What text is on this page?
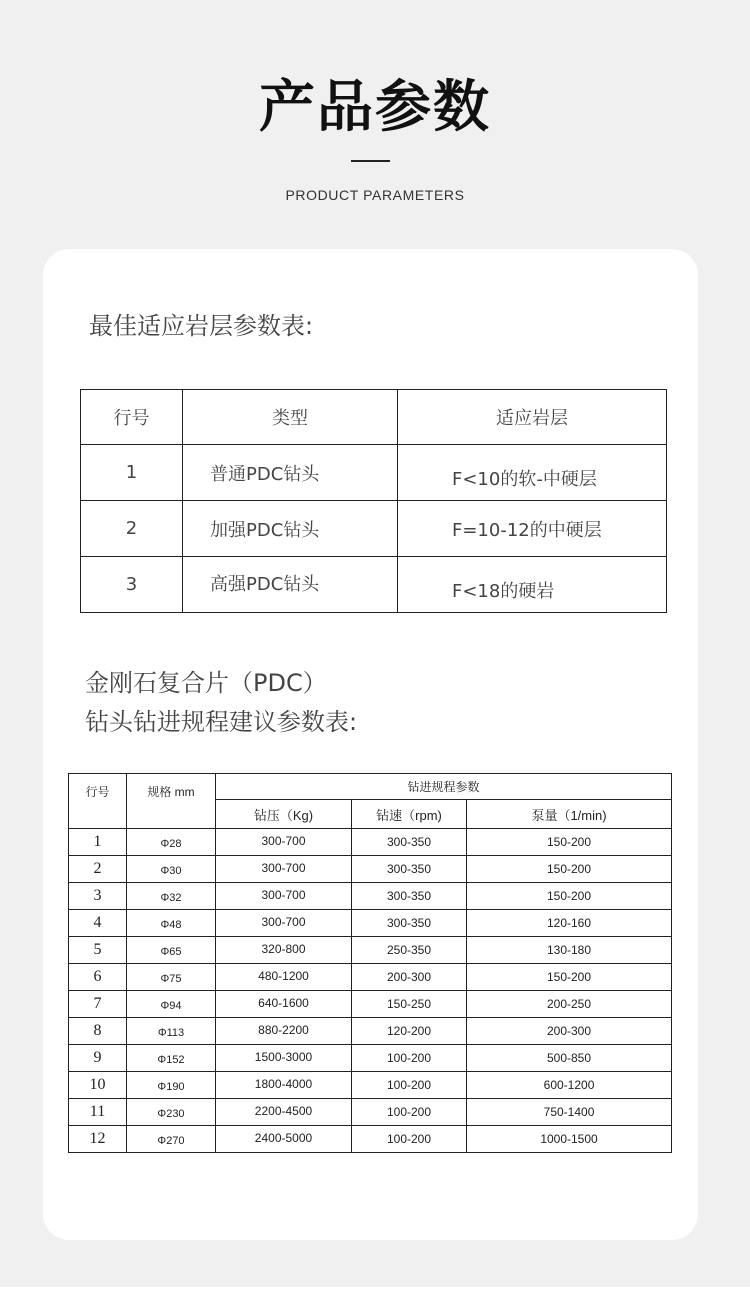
产品参数
PRODUCT PARAMETERS
最佳适应岩层参数表:
行号	类型	适应岩层
1	普通PDC钻头	F<10的软-中硬层
2	加强PDC钻头	F=10-12的中硬层
3	高强PDC钻头	F<18的硬岩
金刚石复合片（PDC）
钻头钻进规程建议参数表:
行号	规格 mm	钻进规程参数		
		钻压（Kg)	钻速（rpm)	泵量（1/min)
1	Φ28	300-700	300-350	150-200
2	Φ30	300-700	300-350	150-200
3	Φ32	300-700	300-350	150-200
4	Φ48	300-700	300-350	120-160
5	Φ65	320-800	250-350	130-180
6	Φ75	480-1200	200-300	150-200
7	Φ94	640-1600	150-250	200-250
8	Φ113	880-2200	120-200	200-300
9	Φ152	1500-3000	100-200	500-850
10	Φ190	1800-4000	100-200	600-1200
11	Φ230	2200-4500	100-200	750-1400
12	Φ270	2400-5000	100-200	1000-1500
